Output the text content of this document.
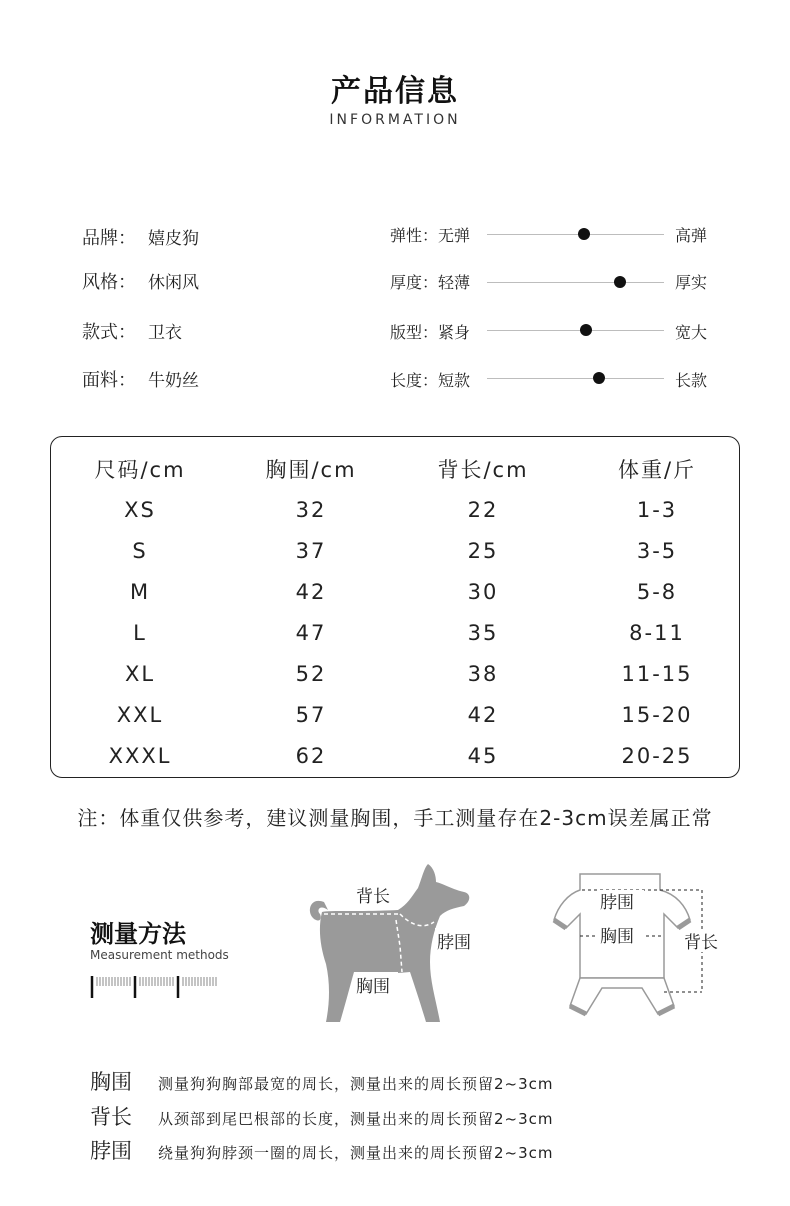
产品信息
INFORMATION
品牌： 嬉皮狗
风格： 休闲风
款式： 卫衣
面料： 牛奶丝
弹性：无弹	高弹
厚度：轻薄	厚实
版型：紧身	宽大
长度：短款	长款
尺码/cm	胸围/cm	背长/cm	体重/斤
XS	32	22	1-3
S	37	25	3-5
M	42	30	5-8
L	47	35	8-11
XL	52	38	11-15
XXL	57	42	15-20
XXXL	62	45	20-25
注：体重仅供参考，建议测量胸围，手工测量存在2-3cm误差属正常
测量方法
Measurement methods
背长
脖围
胸围
脖围
胸围	背长
胸围 测量狗狗胸部最宽的周长，测量出来的周长预留2~3cm
背长 从颈部到尾巴根部的长度，测量出来的周长预留2~3cm
脖围 绕量狗狗脖颈一圈的周长，测量出来的周长预留2~3cm
